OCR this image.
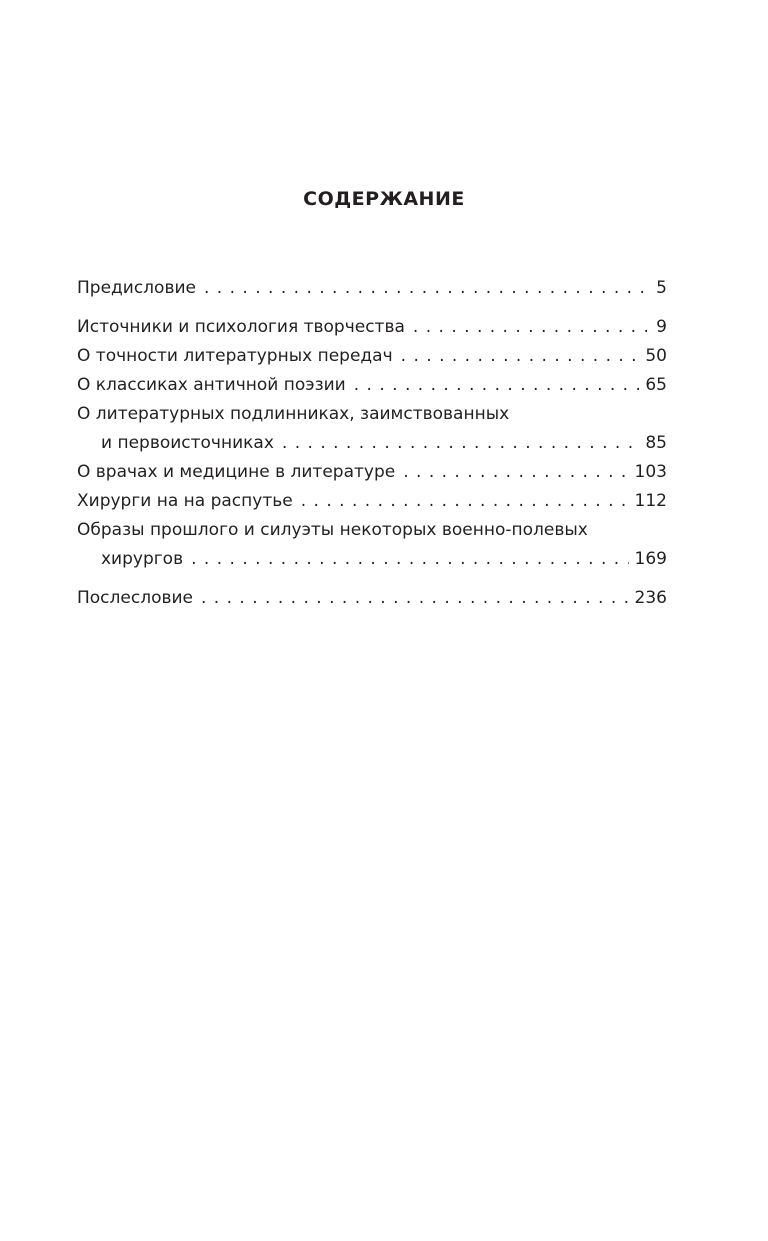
СОДЕРЖАНИЕ
Предисловие . . .	5
Источники и психология творчества . . .	9
О точности литературных передач . . .	50
О классиках античной поэзии . . .	65
О литературных подлинниках, заимствованных
и первоисточниках . . .	85
О врачах и медицине в литературе . . .	103
Хирурги на на распутье . . .	112
Образы прошлого и силуэты некоторых военно-полевых
хирургов . . .	169
Послесловие . . .	236
